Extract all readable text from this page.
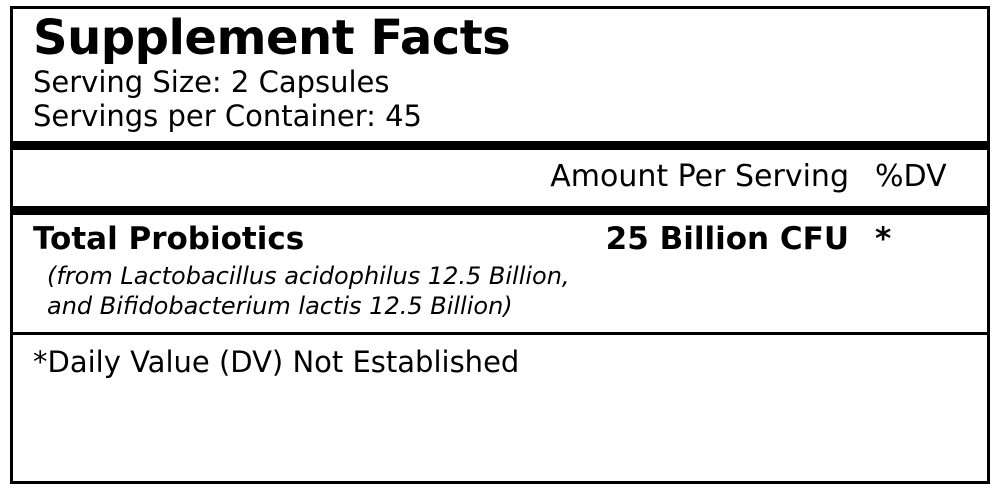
Supplement Facts
Serving Size: 2 Capsules
Servings per Container: 45
Amount Per Serving %DV
Total Probiotics	25 Billion CFU *
(from Lactobacillus acidophilus 12.5 Billion,
and Bifidobacterium lactis 12.5 Billion)
*Daily Value (DV) Not Established
